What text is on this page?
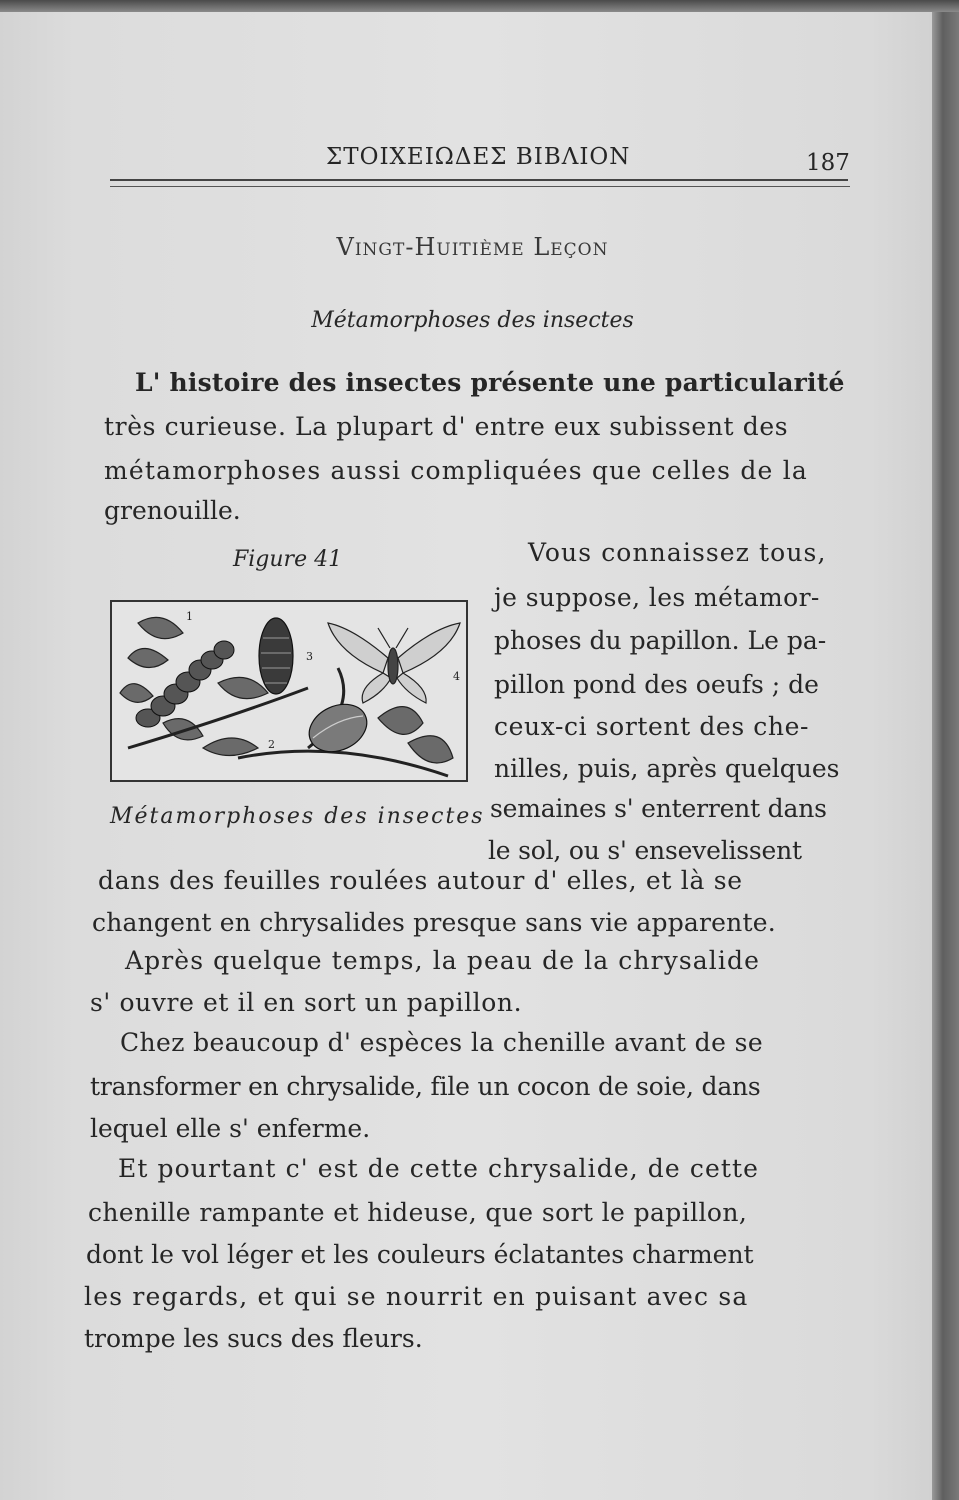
ΣΤΟΙΧΕΙΩΔΕΣ ΒΙΒΛΙΟΝ	187
Vingt-Huitième Leçon
Métamorphoses des insectes
L' histoire des insectes présente une particularité
très curieuse. La plupart d' entre eux subissent des
métamorphoses aussi compliquées que celles de la
grenouille.
Figure 41
1
2
3
4
Métamorphoses des insectes
Vous connaissez tous,
je suppose, les métamor-
phoses du papillon. Le pa-
pillon pond des oeufs ; de
ceux-ci sortent des che-
nilles, puis, après quelques
semaines s' enterrent dans
le sol, ou s' ensevelissent
dans des feuilles roulées autour d' elles, et là se
changent en chrysalides presque sans vie apparente.
Après quelque temps, la peau de la chrysalide
s' ouvre et il en sort un papillon.
Chez beaucoup d' espèces la chenille avant de se
transformer en chrysalide, file un cocon de soie, dans
lequel elle s' enferme.
Et pourtant c' est de cette chrysalide, de cette
chenille rampante et hideuse, que sort le papillon,
dont le vol léger et les couleurs éclatantes charment
les regards, et qui se nourrit en puisant avec sa
trompe les sucs des fleurs.
